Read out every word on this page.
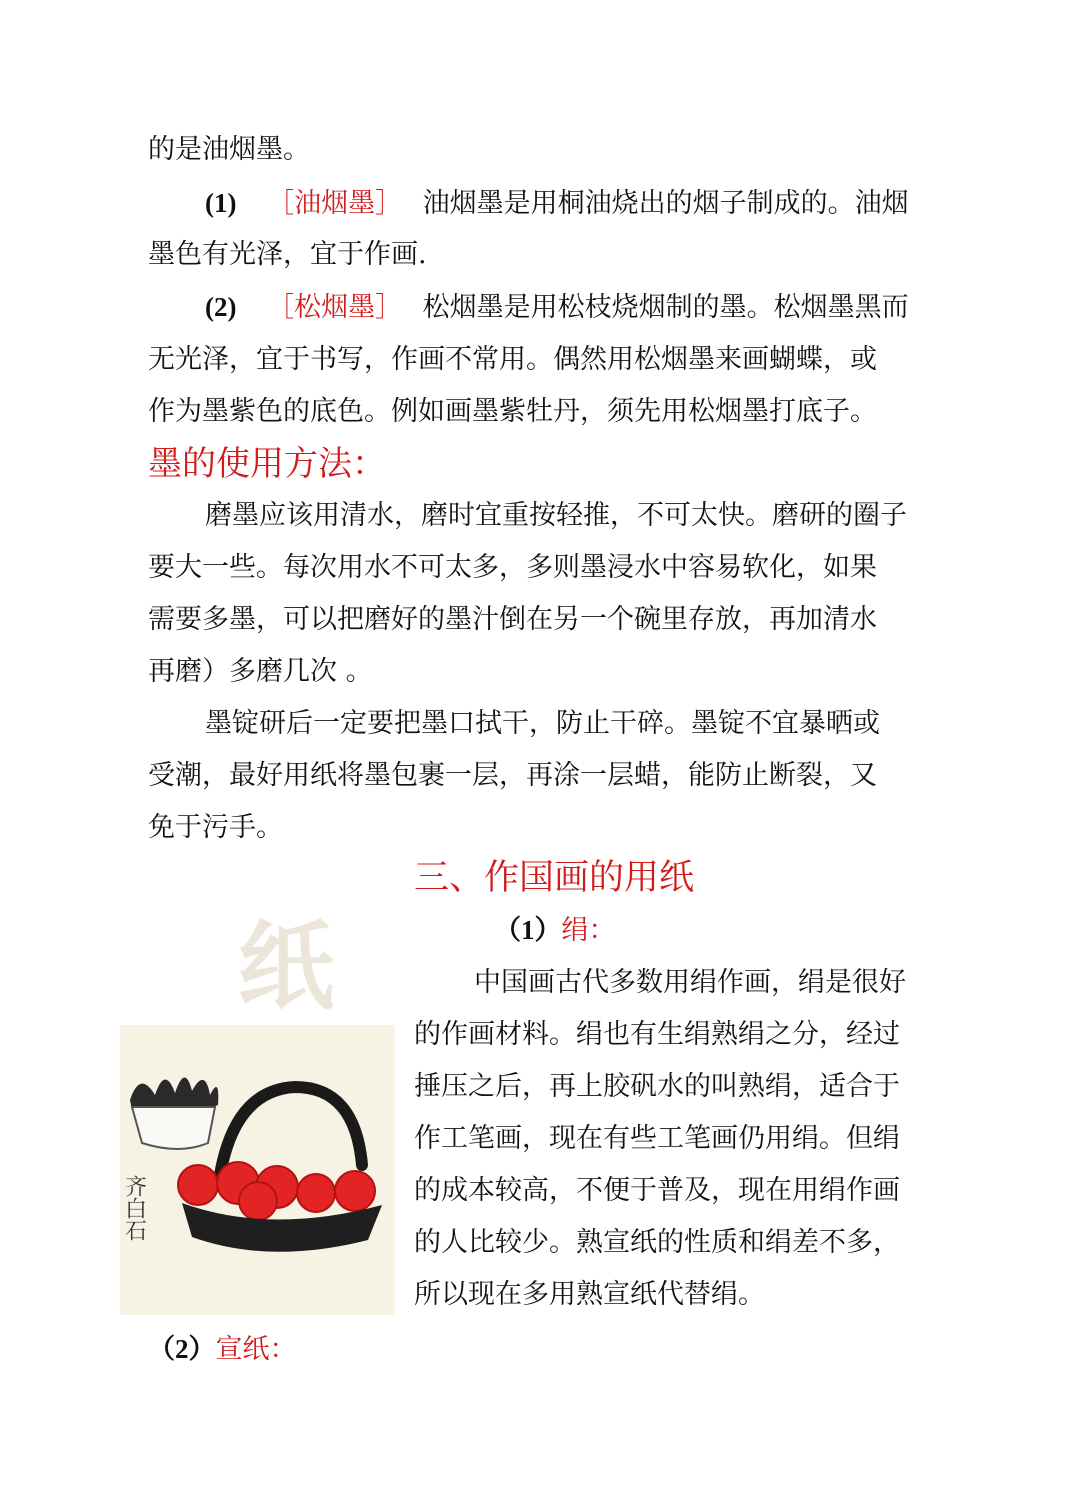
的是油烟墨。
(1) ［油烟墨］ 油烟墨是用桐油烧出的烟子制成的。油烟
墨色有光泽，宜于作画.
(2) ［松烟墨］ 松烟墨是用松枝烧烟制的墨。松烟墨黑而
无光泽，宜于书写，作画不常用。偶然用松烟墨来画蝴蝶，或
作为墨紫色的底色。例如画墨紫牡丹，须先用松烟墨打底子。
墨的使用方法：
磨墨应该用清水，磨时宜重按轻推，不可太快。磨研的圈子
要大一些。每次用水不可太多，多则墨浸水中容易软化，如果
需要多墨，可以把磨好的墨汁倒在另一个碗里存放，再加清水
再磨）多磨几次 。
墨锭研后一定要把墨口拭干，防止干碎。墨锭不宜暴晒或
受潮，最好用纸将墨包裹一层，再涂一层蜡，能防止断裂，又
免于污手。
三、作国画的用纸
纸	（1）绢：
中国画古代多数用绢作画，绢是很好
的作画材料。绢也有生绢熟绢之分，经过
捶压之后，再上胶矾水的叫熟绢，适合于
作工笔画，现在有些工笔画仍用绢。但绢
的成本较高，不便于普及，现在用绢作画
的人比较少。熟宣纸的性质和绢差不多，
所以现在多用熟宣纸代替绢。
（2）宣纸：
齐白石
